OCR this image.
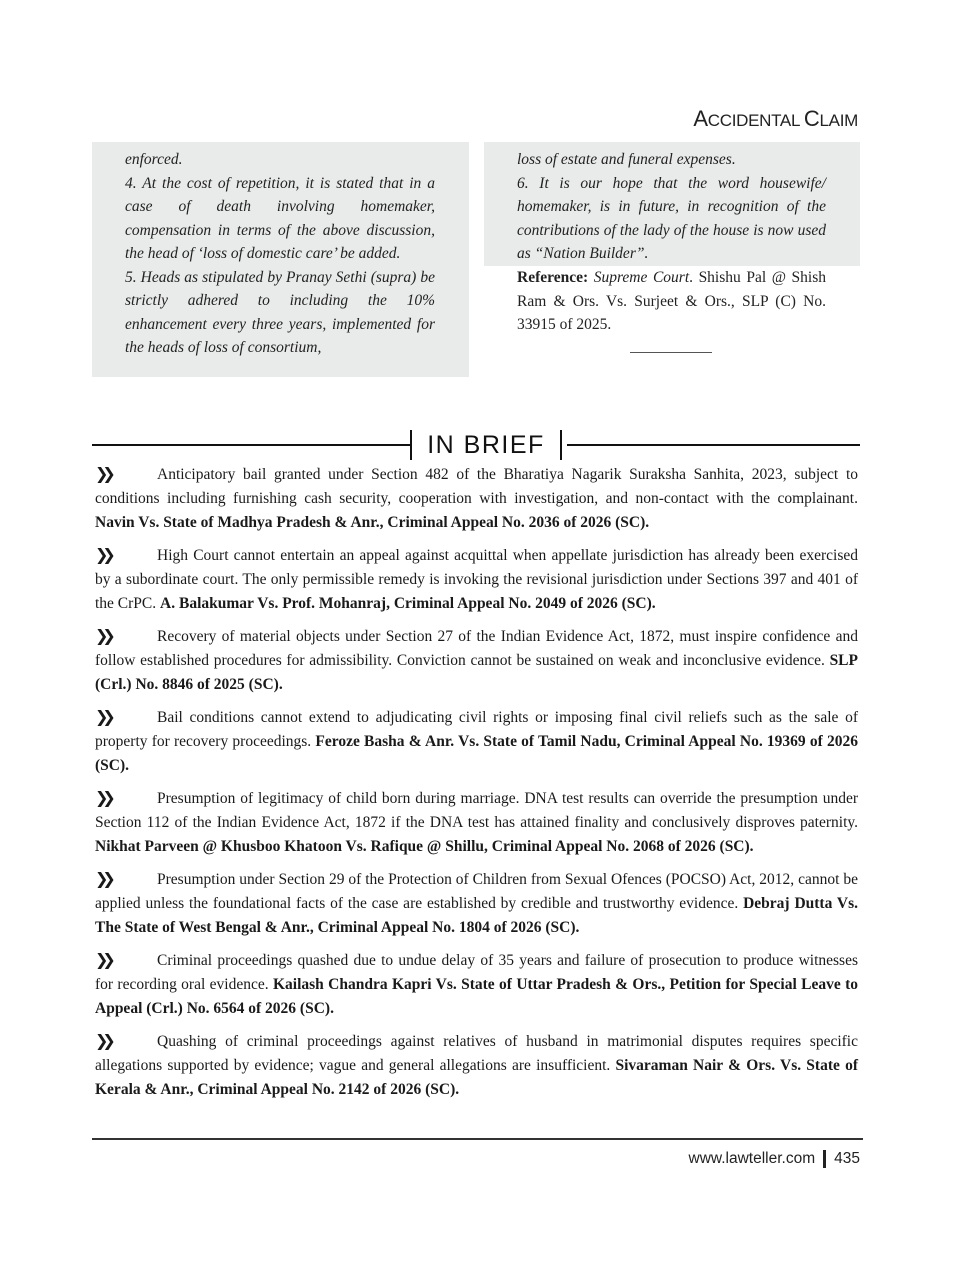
ACCIDENTAL CLAIM

enforced.

4. At the cost of repetition, it is stated that in a case of death involving homemaker, compensation in terms of the above discussion, the head of ‘loss of domestic care’ be added.

5. Heads as stipulated by Pranay Sethi (supra) be strictly adhered to including the 10% enhancement every three years, implemented for the heads of loss of consortium,

loss of estate and funeral expenses.

6. It is our hope that the word housewife/ homemaker, is in future, in recognition of the contributions of the lady of the house is now used as “Nation Builder”.

Reference: Supreme Court. Shishu Pal @ Shish Ram & Ors. Vs. Surjeet & Ors., SLP (C) No. 33915 of 2025.

IN BRIEF

❯❯	Anticipatory bail granted under Section 482 of the Bharatiya Nagarik Suraksha Sanhita, 2023, subject to conditions including furnishing cash security, cooperation with investigation, and non-contact with the complainant. Navin Vs. State of Madhya Pradesh & Anr., Criminal Appeal No. 2036 of 2026 (SC).

❯❯	High Court cannot entertain an appeal against acquittal when appellate jurisdiction has already been exercised by a subordinate court. The only permissible remedy is invoking the revisional jurisdiction under Sections 397 and 401 of the CrPC. A. Balakumar Vs. Prof. Mohanraj, Criminal Appeal No. 2049 of 2026 (SC).

❯❯	Recovery of material objects under Section 27 of the Indian Evidence Act, 1872, must inspire confidence and follow established procedures for admissibility. Conviction cannot be sustained on weak and inconclusive evidence. SLP (Crl.) No. 8846 of 2025 (SC).

❯❯	Bail conditions cannot extend to adjudicating civil rights or imposing final civil reliefs such as the sale of property for recovery proceedings. Feroze Basha & Anr. Vs. State of Tamil Nadu, Criminal Appeal No. 19369 of 2026 (SC).

❯❯	Presumption of legitimacy of child born during marriage. DNA test results can override the presumption under Section 112 of the Indian Evidence Act, 1872 if the DNA test has attained finality and conclusively disproves paternity. Nikhat Parveen @ Khusboo Khatoon Vs. Rafique @ Shillu, Criminal Appeal No. 2068 of 2026 (SC).

❯❯	Presumption under Section 29 of the Protection of Children from Sexual Ofences (POCSO) Act, 2012, cannot be applied unless the foundational facts of the case are established by credible and trustworthy evidence. Debraj Dutta Vs. The State of West Bengal & Anr., Criminal Appeal No. 1804 of 2026 (SC).

❯❯	Criminal proceedings quashed due to undue delay of 35 years and failure of prosecution to produce witnesses for recording oral evidence. Kailash Chandra Kapri Vs. State of Uttar Pradesh & Ors., Petition for Special Leave to Appeal (Crl.) No. 6564 of 2026 (SC).

❯❯	Quashing of criminal proceedings against relatives of husband in matrimonial disputes requires specific allegations supported by evidence; vague and general allegations are insufficient. Sivaraman Nair & Ors. Vs. State of Kerala & Anr., Criminal Appeal No. 2142 of 2026 (SC).

www.lawteller.com 435
